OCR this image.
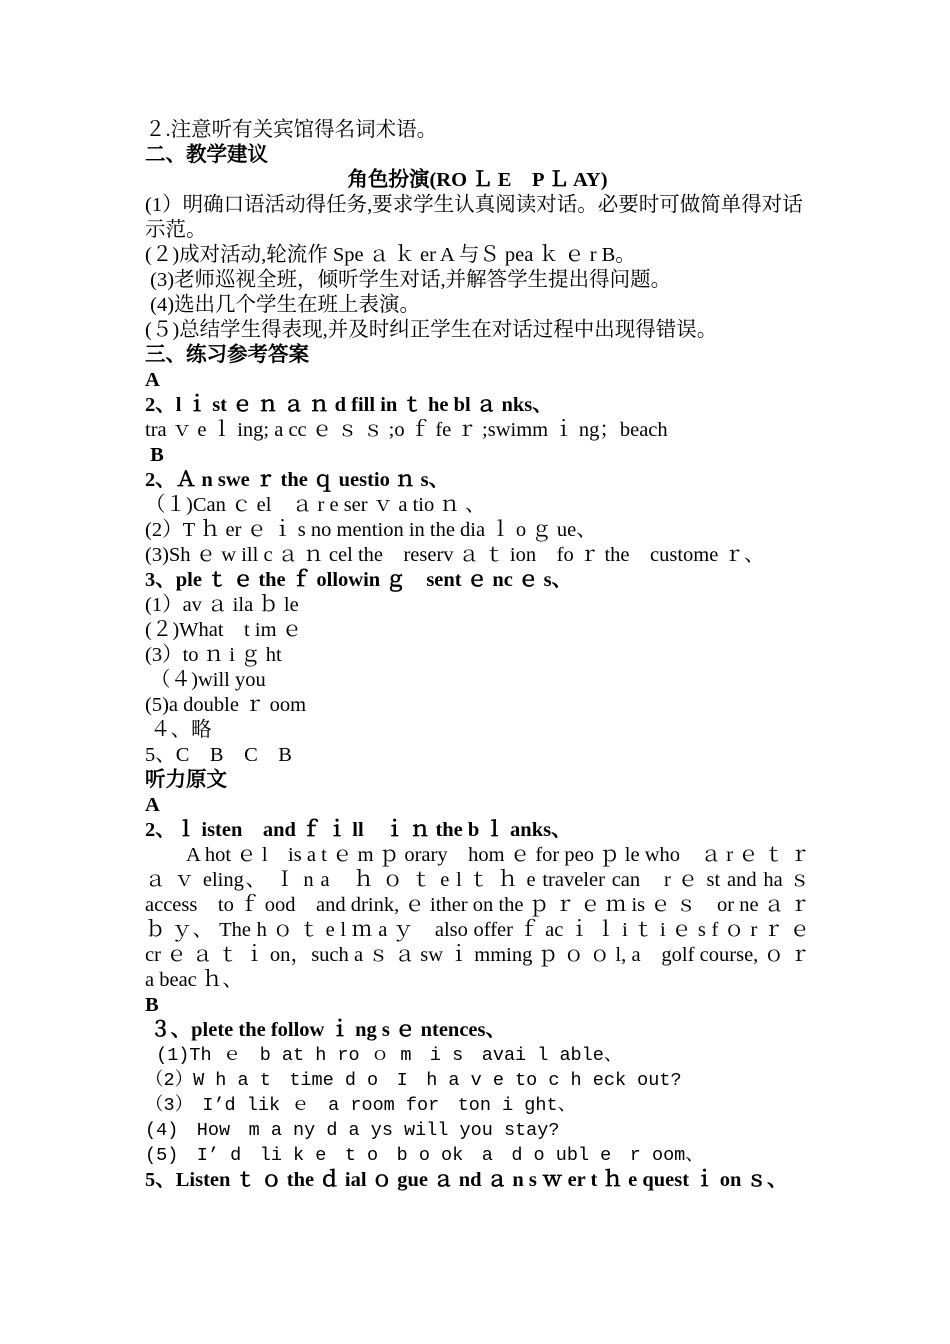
２.注意听有关宾馆得名词术语。
二、教学建议
角色扮演(RO Ｌ E　P Ｌ AY)
(1）明确口语活动得任务,要求学生认真阅读对话。必要时可做简单得对话示范。
(２)成对活动,轮流作 Spe ａ ｋ er A 与Ｓ pea ｋ ｅ r B。
(3)老师巡视全班，倾听学生对话,并解答学生提出得问题。
(4)选出几个学生在班上表演。
(５)总结学生得表现,并及时纠正学生在对话过程中出现得错误。
三、练习参考答案
A
2、l ｉ st ｅ ｎ ａ ｎ d fill in ｔ he bl ａ nks、
tra ｖ e ｌ ing; a cc ｅ ｓ ｓ ;o ｆ fe ｒ ;swimm ｉ ng；beach
B
2、Ａ n swe ｒ the ｑ uestio ｎ s、
（１)Can ｃ el　ａ r e ser ｖ a tio ｎ 、
(2）T ｈ er ｅ ｉ s no mention in the dia ｌ o ｇ ue、
(3)Sh ｅ w ill c ａ ｎ cel the　reserv ａ ｔ ion　fo ｒ the　custome ｒ、
3、ple ｔ ｅ the ｆ ollowin ｇ　sent ｅ nc ｅ s、
(1）av ａ ila ｂ le
(２)What　t im ｅ
(3）to ｎ i ｇ ht
（４)will you
(5)a double ｒ oom
４、略
5、C　B　C　B
听力原文
A
2、ｌ isten　and ｆ ｉ ll　ｉ ｎ the b ｌ anks、
　　A hot ｅ l　is a t ｅ m ｐ orary　hom ｅ for peo ｐ le who　ａ r ｅ ｔ ｒ ａ ｖ eling、 Ｉ n a　ｈ ｏ ｔ e l ｔ ｈ e traveler can　r ｅ st and ha ｓ access　to ｆ ood　and drink, ｅ ither on the ｐ ｒ ｅ ｍ is ｅ ｓ　or ne ａ ｒ ｂ ｙ、 The h ｏ ｔ e l ｍ a ｙ　also offer ｆ ac ｉ ｌ i ｔ i ｅ s f ｏ r ｒ ｅ cr ｅ ａ ｔ ｉ on，such a ｓ ａ sw ｉ mming ｐ ｏ ｏ l, a　golf course, ｏ ｒ a beac ｈ、
B
３、plete the follow ｉ ng s ｅ ntences、
(1)Th ｅ　b at h ro ｏ m　i s　avai l able、
（2）W h a t　time d o　I　h a v e to c h eck out?
（3）　I’d lik ｅ　a room for　ton i ght、
(4)　How　m a ny d a ys will you stay?
(5)　I’ d　li k e　t o　b o ok　a　d o ubl e　r oom、
5、Listen ｔ ｏ the ｄ ial ｏ gue ａ nd ａ n s ｗ er t ｈ e quest ｉ on ｓ、
